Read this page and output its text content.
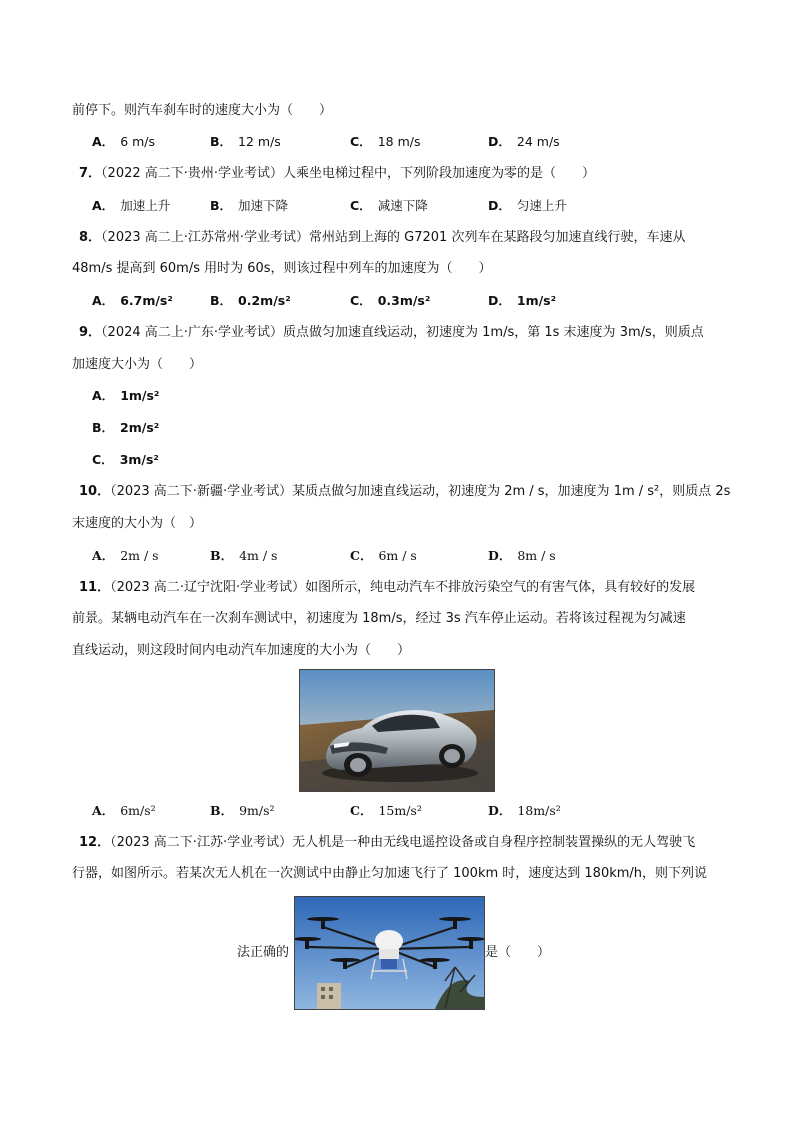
前停下。则汽车刹车时的速度大小为（　　）
A． 6 m/s	B． 12 m/s	C． 18 m/s	D． 24 m/s
7．（2022 高二下·贵州·学业考试）人乘坐电梯过程中，下列阶段加速度为零的是（　　）
A． 加速上升	B． 加速下降	C． 减速下降	D． 匀速上升
8．（2023 高二上·江苏常州·学业考试）常州站到上海的 G7201 次列车在某路段匀加速直线行驶，车速从
48m/s 提高到 60m/s 用时为 60s，则该过程中列车的加速度为（　　）
A． 6.7m/s²	B． 0.2m/s²	C． 0.3m/s²	D． 1m/s²
9．（2024 高二上·广东·学业考试）质点做匀加速直线运动，初速度为 1m/s，第 1s 末速度为 3m/s，则质点
加速度大小为（　　）
A． 1m/s²
B． 2m/s²
C． 3m/s²
10．（2023 高二下·新疆·学业考试）某质点做匀加速直线运动，初速度为 2m / s，加速度为 1m / s²，则质点 2s
末速度的大小为（　）
A． 2m / s	B． 4m / s	C． 6m / s	D． 8m / s
11．（2023 高二·辽宁沈阳·学业考试）如图所示，纯电动汽车不排放污染空气的有害气体，具有较好的发展
前景。某辆电动汽车在一次刹车测试中，初速度为 18m/s，经过 3s 汽车停止运动。若将该过程视为匀减速
直线运动，则这段时间内电动汽车加速度的大小为（　　）
A． 6m/s²	B． 9m/s²	C． 15m/s²	D． 18m/s²
12．（2023 高二下·江苏·学业考试）无人机是一种由无线电遥控设备或自身程序控制装置操纵的无人驾驶飞
行器，如图所示。若某次无人机在一次测试中由静止匀加速飞行了 100km 时，速度达到 180km/h，则下列说
法正确的	是（　　）
